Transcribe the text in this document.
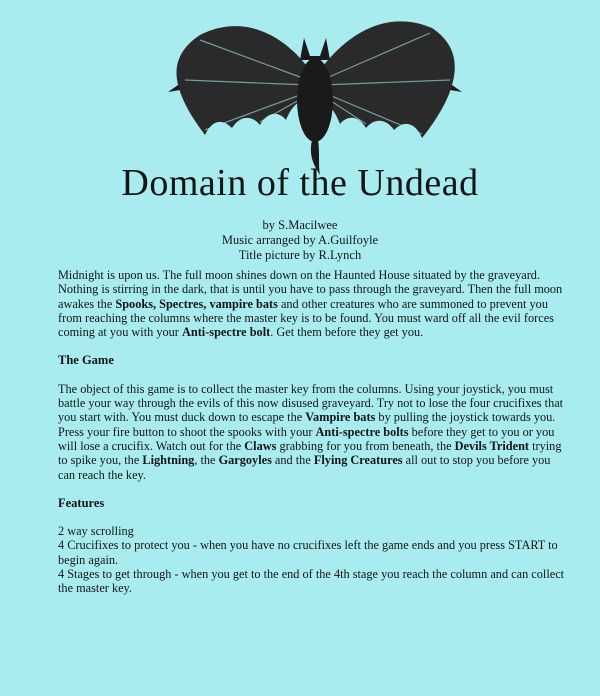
Domain of the Undead
by S.Macilwee
Music arranged by A.Guilfoyle
Title picture by R.Lynch

Midnight is upon us. The full moon shines down on the Haunted House situated by the graveyard. Nothing is stirring in the dark, that is until you have to pass through the graveyard. Then the full moon awakes the Spooks, Spectres, vampire bats and other creatures who are summoned to prevent you from reaching the columns where the master key is to be found. You must ward off all the evil forces coming at you with your Anti-spectre bolt. Get them before they get you.

The Game

The object of this game is to collect the master key from the columns. Using your joystick, you must battle your way through the evils of this now disused graveyard. Try not to lose the four crucifixes that you start with. You must duck down to escape the Vampire bats by pulling the joystick towards you. Press your fire button to shoot the spooks with your Anti-spectre bolts before they get to you or you will lose a crucifix. Watch out for the Claws grabbing for you from beneath, the Devils Trident trying to spike you, the Lightning, the Gargoyles and the Flying Creatures all out to stop you before you can reach the key.

Features

2 way scrolling

4 Crucifixes to protect you - when you have no crucifixes left the game ends and you press START to begin again.

4 Stages to get through - when you get to the end of the 4th stage you reach the column and can collect the master key.
